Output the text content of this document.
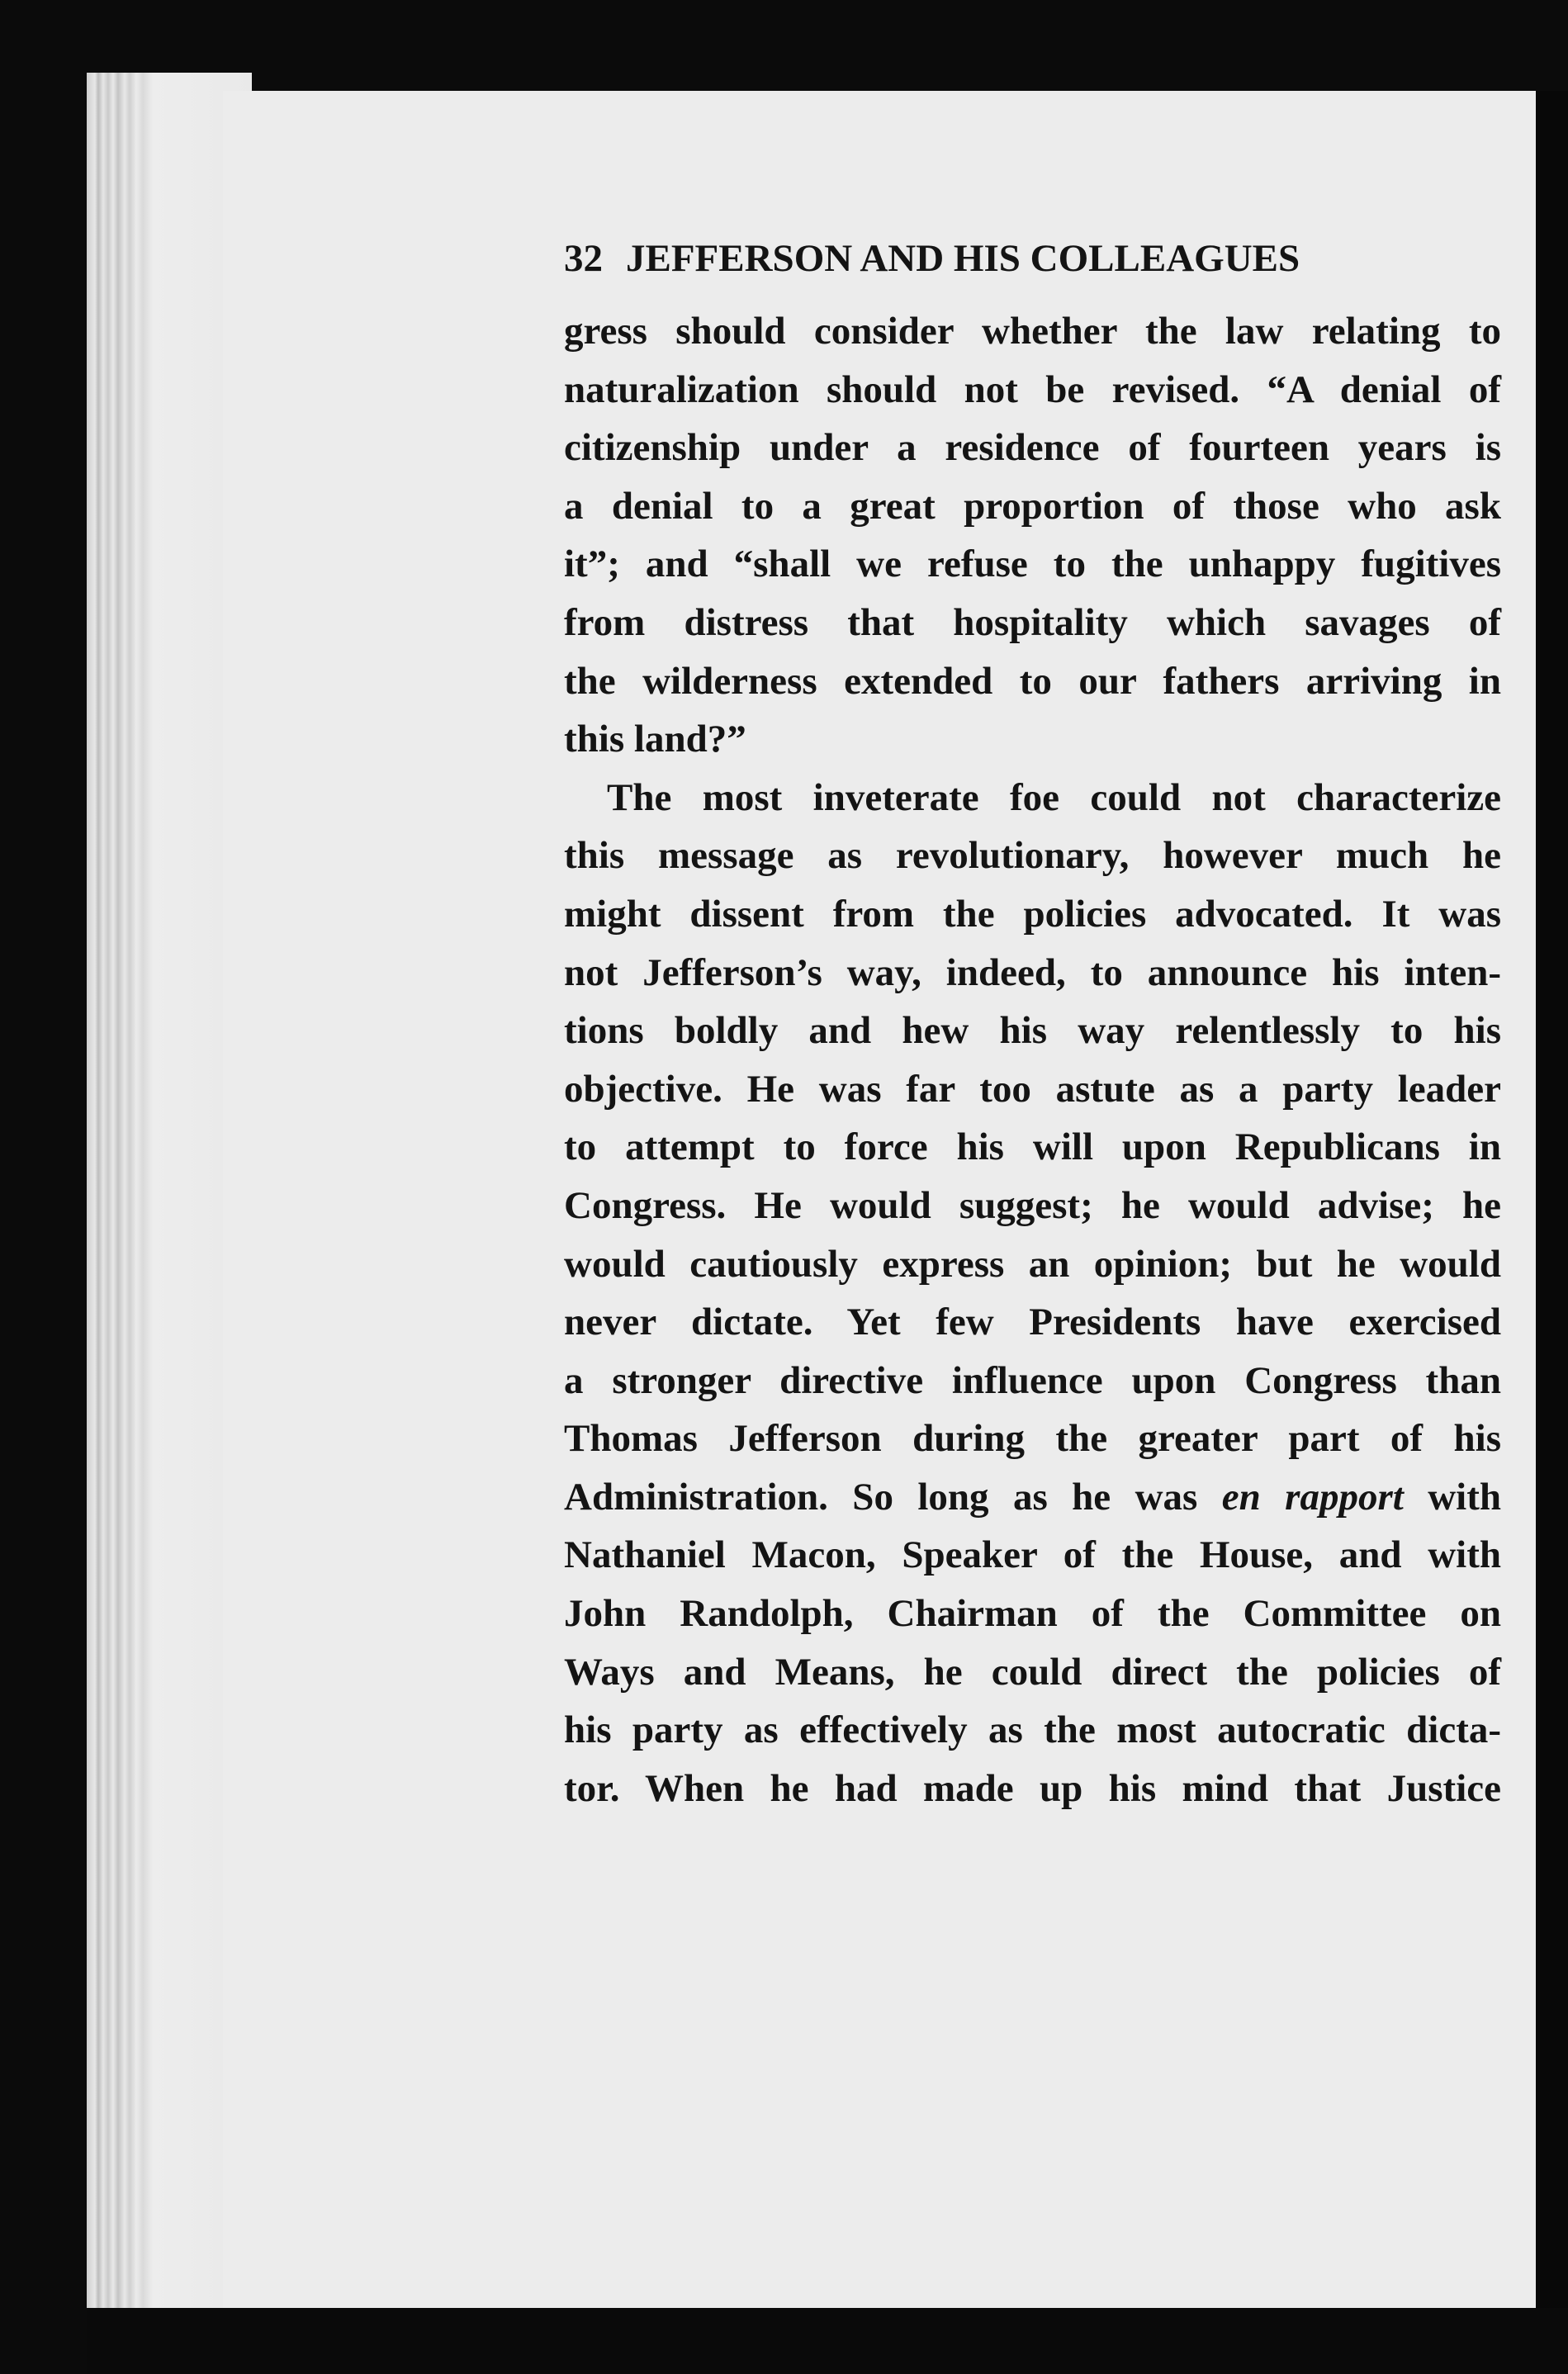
32 JEFFERSON AND HIS COLLEAGUES
gress should consider whether the law relating to
naturalization should not be revised. “A denial of
citizenship under a residence of fourteen years is
a denial to a great proportion of those who ask
it”; and “shall we refuse to the unhappy fugitives
from distress that hospitality which savages of
the wilderness extended to our fathers arriving in
this land?”
The most inveterate foe could not characterize
this message as revolutionary, however much he
might dissent from the policies advocated. It was
not Jefferson’s way, indeed, to announce his inten-
tions boldly and hew his way relentlessly to his
objective. He was far too astute as a party leader
to attempt to force his will upon Republicans in
Congress. He would suggest; he would advise; he
would cautiously express an opinion; but he would
never dictate. Yet few Presidents have exercised
a stronger directive influence upon Congress than
Thomas Jefferson during the greater part of his
Administration. So long as he was en rapport with
Nathaniel Macon, Speaker of the House, and with
John Randolph, Chairman of the Committee on
Ways and Means, he could direct the policies of
his party as effectively as the most autocratic dicta-
tor. When he had made up his mind that Justice
